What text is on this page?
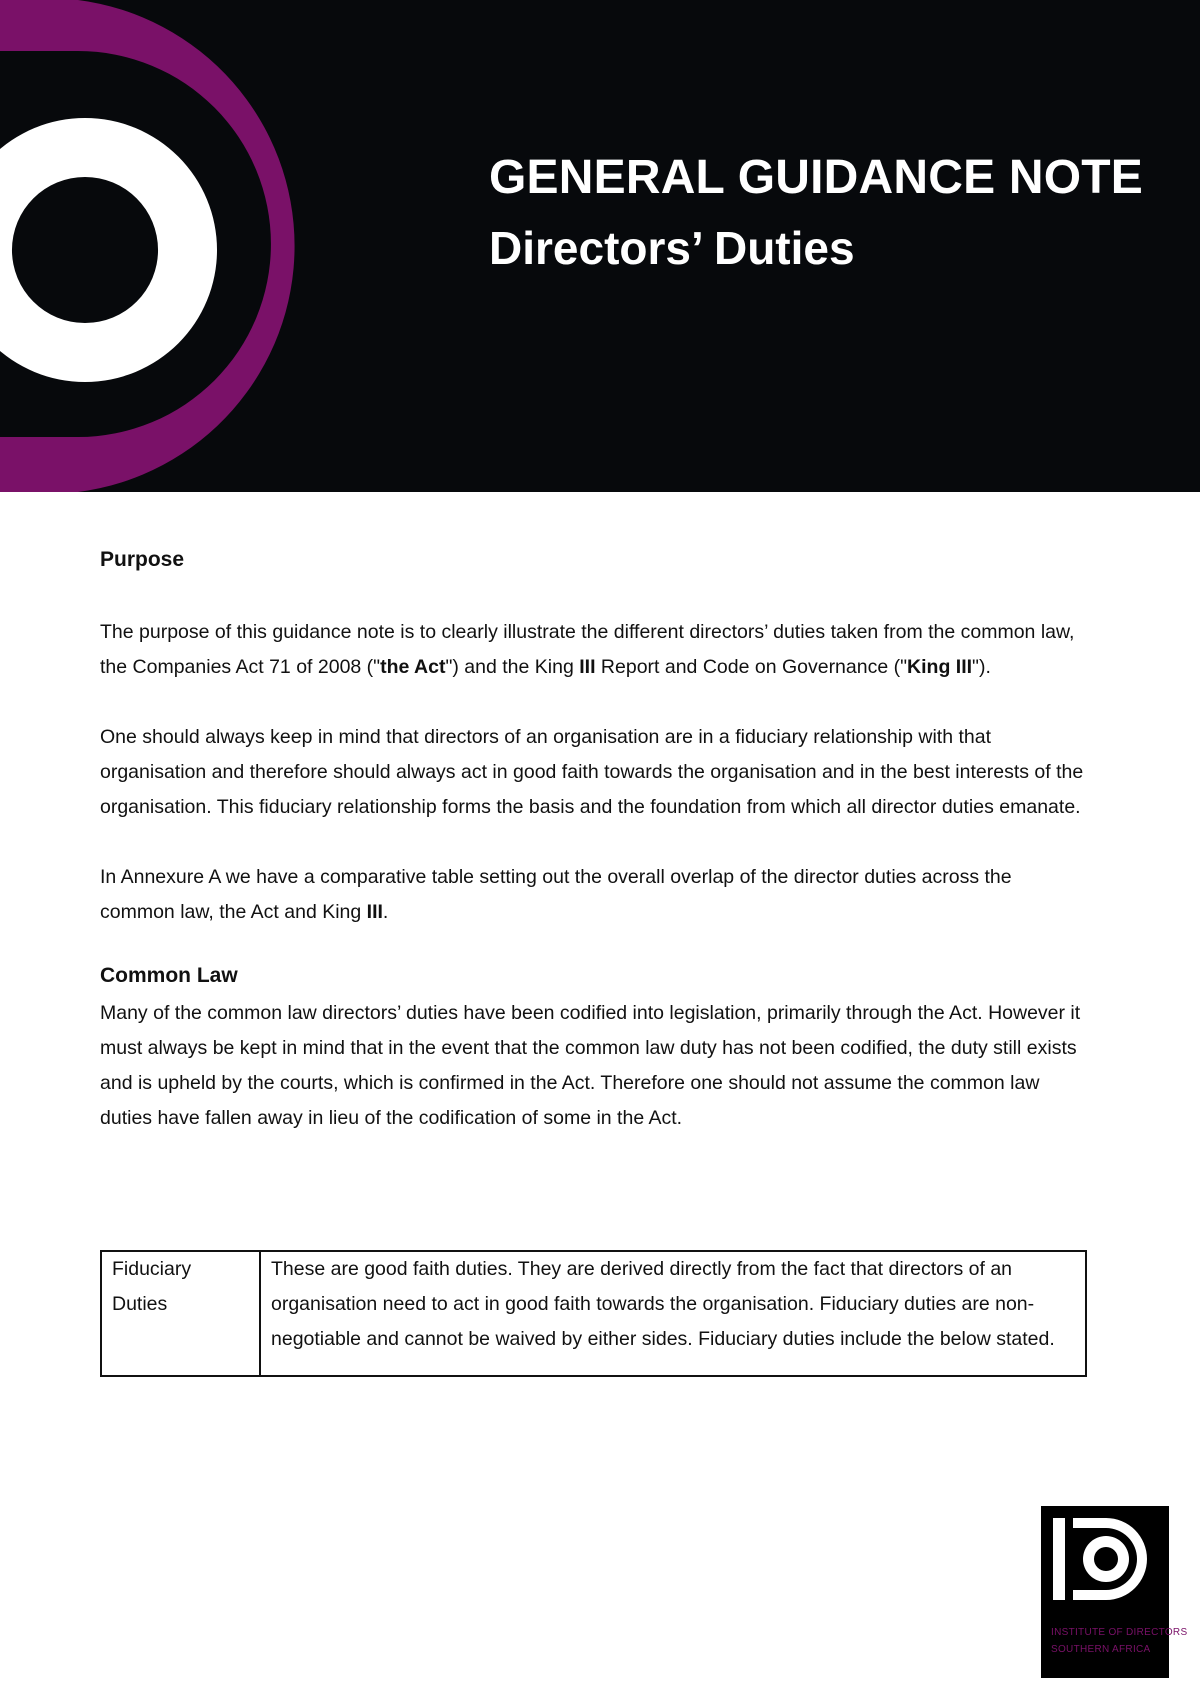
t	GENERAL GUIDANCE NOTE
Directors’ Duties
Purpose

The purpose of this guidance note is to clearly illustrate the different directors’ duties taken from the common law, the Companies Act 71 of 2008 ("the Act") and the King III Report and Code on Governance ("King III").

One should always keep in mind that directors of an organisation are in a fiduciary relationship with that organisation and therefore should always act in good faith towards the organisation and in the best interests of the organisation. This fiduciary relationship forms the basis and the foundation from which all director duties emanate.

In Annexure A we have a comparative table setting out the overall overlap of the director duties across the common law, the Act and King III.

Common Law

Many of the common law directors’ duties have been codified into legislation, primarily through the Act. However it must always be kept in mind that in the event that the common law duty has not been codified, the duty still exists and is upheld by the courts, which is confirmed in the Act. Therefore one should not assume the common law duties have fallen away in lieu of the codification of some in the Act.

Fiduciary Duties	These are good faith duties. They are derived directly from the fact that directors of an organisation need to act in good faith towards the organisation. Fiduciary duties are non-negotiable and cannot be waived by either sides. Fiduciary duties include the below stated.
INSTITUTE OF DIRECTORS
SOUTHERN AFRICA
